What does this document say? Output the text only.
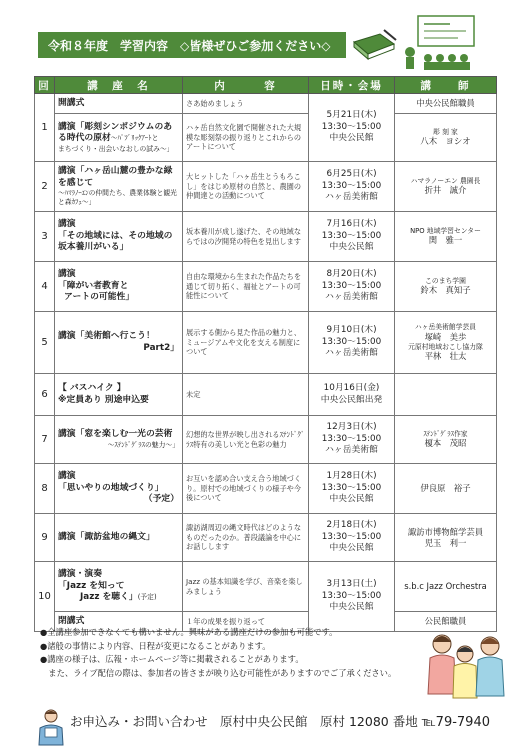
令和８年度　学習内容　◇皆様ぜひご参加ください◇
回	講　座　名	内　　　容	日時・会場	講　　師
1	開講式	さあ始めましょう	5月21日(木)
13:30～15:00
中央公民館	中央公民館職員
	講演「彫刻シンポジウムのある時代の原材～ﾊﾟﾌﾞﾘｯｸｱｰﾄと
まちづくり・出会いなおしの試み～」	ハヶ岳自然文化園で開催された大規模な彫刻祭の振り返りとこれからのアートについて		彫 刻 家
八木　ヨシオ

2	講演「ハヶ岳山麓の豊かな緑を感じて
～ﾊﾏﾗﾉｰｴﾝの仲間たち、農業体験と観光と森ｶﾌｪ～」	大ヒットした「ハヶ岳生とうもろこし」をはじめ原材の自然と、農園の仲間達との活動について	6月25日(木)
13:30～15:00
ハヶ岳美術館	ハマラノーエン 農園長
折井　誠介

3	講演
「その地域には、その地域の坂本養川がいる」	坂本養川が成し遂げた、その地域ならではの汐開発の特色を見出します	7月16日(木)
13:30～15:00
中央公民館	NPO 地域学習センター
関　雅一

4	講演
「障がい者教育と
アートの可能性」	自由な環境から生まれた作品たちを通じて切り拓く、福祉とアートの可能性について	8月20日(木)
13:30～15:00
ハヶ岳美術館	このまち学園
鈴木　真知子

5	講演「美術館へ行こう！
Part2」	展示する側から見た作品の魅力と、ミュージアムや文化を支える制度について	9月10日(木)
13:30～15:00
ハヶ岳美術館	ハヶ岳美術館学芸員
塚崎　美歩
元原村地域おこし協力隊
平林　壮太

6	【 バスハイク 】
※定員あり 別途申込要	未定	10月16日(金)
中央公民館出発	

7	講演「窓を楽しむ一光の芸術
～ｽﾃﾝﾄﾞｸﾞﾗｽの魅力～」	幻想的な世界が映し出されるｽﾃﾝﾄﾞｸﾞﾗｽ特有の美しい光と色彩の魅力	12月3日(木)
13:30～15:00
ハヶ岳美術館	ｽﾃﾝﾄﾞｸﾞﾗｽ作家
榎本　茂昭

8	講演
「思いやりの地域づくり」
（予定）	お互いを認め合い支え合う地域づくり。原村での地域づくりの様子や今後について	1月28日(木)
13:30～15:00
中央公民館	伊良原　裕子
9	講演「諏訪盆地の縄文」	諏訪湖周辺の縄文時代はどのようなものだったのか。普段議論を中心にお話しします	2月18日(木)
13:30～15:00
中央公民館	諏訪市博物館学芸員
児玉　利一

10	講演・演奏
「Jazz を知って
Jazz を聴く」(予定)	Jazz の基本知識を学び、音楽を楽しみましょう	3月13日(土)
13:30～15:00
中央公民館	s.b.c Jazz Orchestra
	閉講式	１年の成果を振り返って		公民館職員
●全講座参加できなくても構いません。興味がある講座だけの参加も可能です。
●諸般の事情により内容、日程が変更になることがあります。
●講座の様子は、広報・ホームページ等に掲載されることがあります。
　また、ライブ配信の際は、参加者の皆さまが映り込む可能性がありますのでご了承ください。
お申込み・お問い合わせ　原村中央公民館　原村 12080 番地 ℡79-7940
